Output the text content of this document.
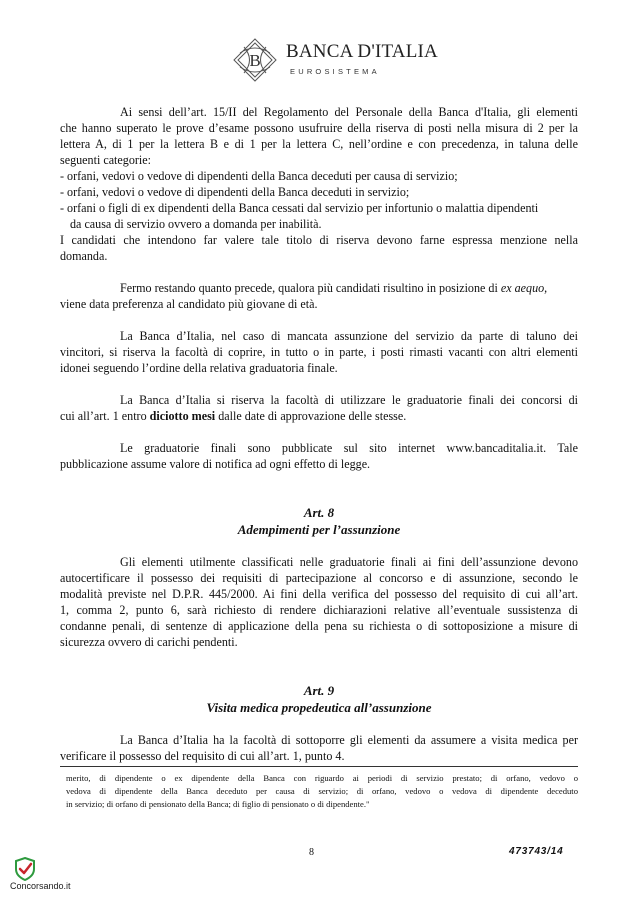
B BANCA D'ITALIA
EUROSISTEMA

Ai sensi dell’art. 15/II del Regolamento del Personale della Banca d'Italia, gli elementi

che hanno superato le prove d’esame possono usufruire della riserva di posti nella misura di 2 per la

lettera A, di 1 per la lettera B e di 1 per la lettera C, nell’ordine e con precedenza, in taluna delle

seguenti categorie:

- orfani, vedovi o vedove di dipendenti della Banca deceduti per causa di servizio;

- orfani, vedovi o vedove di dipendenti della Banca deceduti in servizio;

- orfani o figli di ex dipendenti della Banca cessati dal servizio per infortunio o malattia dipendenti

da causa di servizio ovvero a domanda per inabilità.

I candidati che intendono far valere tale titolo di riserva devono farne espressa menzione nella

domanda.

Fermo restando quanto precede, qualora più candidati risultino in posizione di ex aequo,

viene data preferenza al candidato più giovane di età.

La Banca d’Italia, nel caso di mancata assunzione del servizio da parte di taluno dei

vincitori, si riserva la facoltà di coprire, in tutto o in parte, i posti rimasti vacanti con altri elementi

idonei seguendo l’ordine della relativa graduatoria finale.

La Banca d’Italia si riserva la facoltà di utilizzare le graduatorie finali dei concorsi di

cui all’art. 1 entro diciotto mesi dalle date di approvazione delle stesse.

Le graduatorie finali sono pubblicate sul sito internet www.bancaditalia.it. Tale

pubblicazione assume valore di notifica ad ogni effetto di legge.

Art. 8

Adempimenti per l’assunzione

Gli elementi utilmente classificati nelle graduatorie finali ai fini dell’assunzione devono

autocertificare il possesso dei requisiti di partecipazione al concorso e di assunzione, secondo le

modalità previste nel D.P.R. 445/2000. Ai fini della verifica del possesso del requisito di cui all’art.

1, comma 2, punto 6, sarà richiesto di rendere dichiarazioni relative all’eventuale sussistenza di

condanne penali, di sentenze di applicazione della pena su richiesta o di sottoposizione a misure di

sicurezza ovvero di carichi pendenti.

Art. 9

Visita medica propedeutica all’assunzione

La Banca d’Italia ha la facoltà di sottoporre gli elementi da assumere a visita medica per

verificare il possesso del requisito di cui all’art. 1, punto 4.

merito, di dipendente o ex dipendente della Banca con riguardo ai periodi di servizio prestato; di orfano, vedovo o

vedova di dipendente della Banca deceduto per causa di servizio; di orfano, vedovo o vedova di dipendente deceduto

in servizio; di orfano di pensionato della Banca; di figlio di pensionato o di dipendente."

8	473743/14
Concorsando.it
